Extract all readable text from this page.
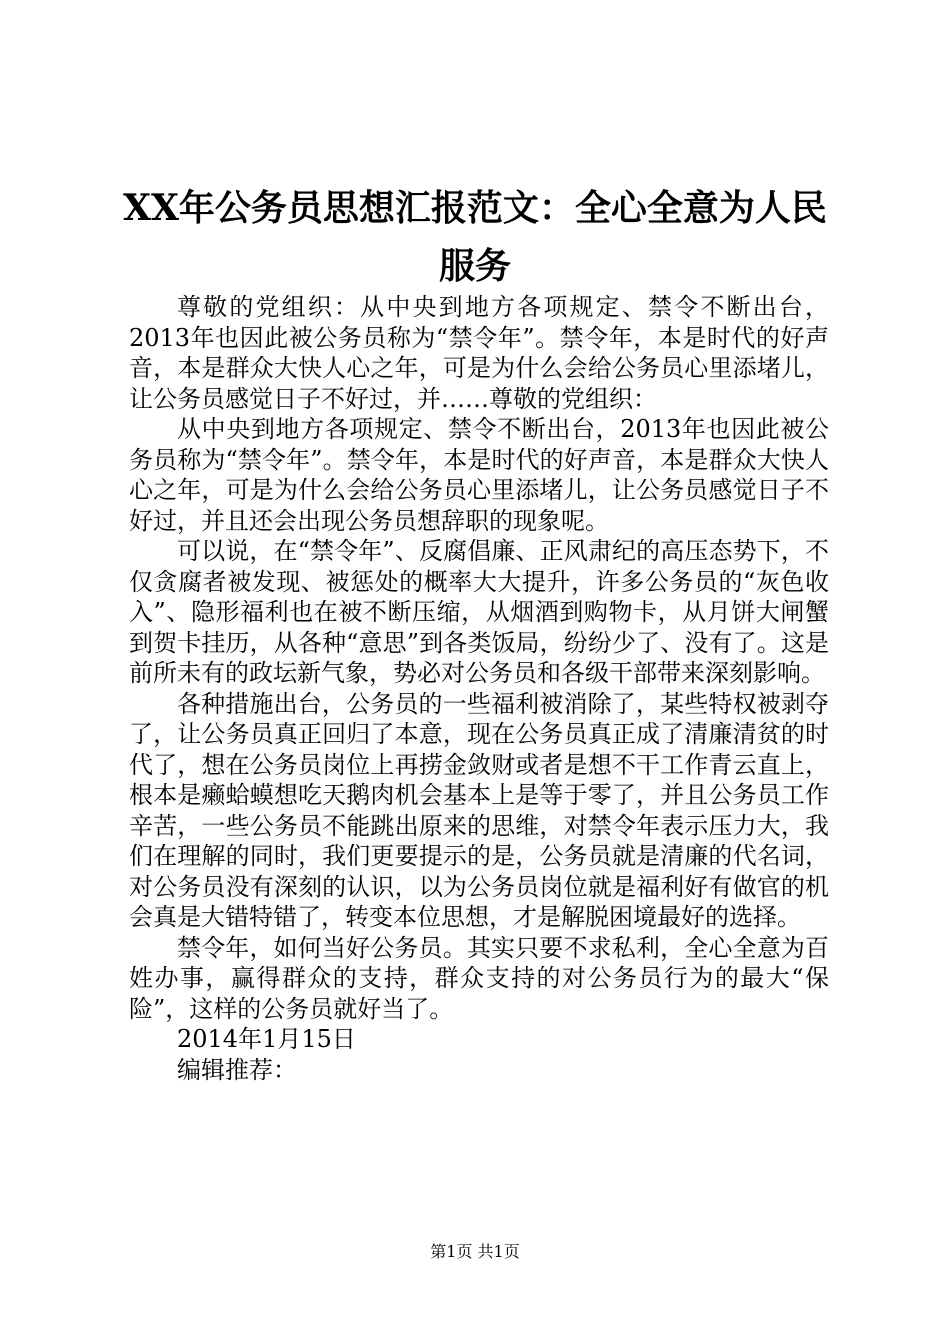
XX年公务员思想汇报范文：全心全意为人民
服务

尊敬的党组织：从中央到地方各项规定、禁令不断出台，2013年也因此被公务员称为“禁令年”。禁令年，本是时代的好声音，本是群众大快人心之年，可是为什么会给公务员心里添堵儿，让公务员感觉日子不好过，并……尊敬的党组织：

从中央到地方各项规定、禁令不断出台，2013年也因此被公务员称为“禁令年”。禁令年，本是时代的好声音，本是群众大快人心之年，可是为什么会给公务员心里添堵儿，让公务员感觉日子不好过，并且还会出现公务员想辞职的现象呢。

可以说，在“禁令年”、反腐倡廉、正风肃纪的高压态势下，不仅贪腐者被发现、被惩处的概率大大提升，许多公务员的“灰色收入”、隐形福利也在被不断压缩，从烟酒到购物卡，从月饼大闸蟹到贺卡挂历，从各种“意思”到各类饭局，纷纷少了、没有了。这是前所未有的政坛新气象，势必对公务员和各级干部带来深刻影响。

各种措施出台，公务员的一些福利被消除了，某些特权被剥夺了，让公务员真正回归了本意，现在公务员真正成了清廉清贫的时代了，想在公务员岗位上再捞金敛财或者是想不干工作青云直上，根本是癞蛤蟆想吃天鹅肉机会基本上是等于零了，并且公务员工作辛苦，一些公务员不能跳出原来的思维，对禁令年表示压力大，我们在理解的同时，我们更要提示的是，公务员就是清廉的代名词，对公务员没有深刻的认识，以为公务员岗位就是福利好有做官的机会真是大错特错了，转变本位思想，才是解脱困境最好的选择。

禁令年，如何当好公务员。其实只要不求私利，全心全意为百姓办事，赢得群众的支持，群众支持的对公务员行为的最大“保险”，这样的公务员就好当了。

2014年1月15日

编辑推荐：

第1页 共1页
